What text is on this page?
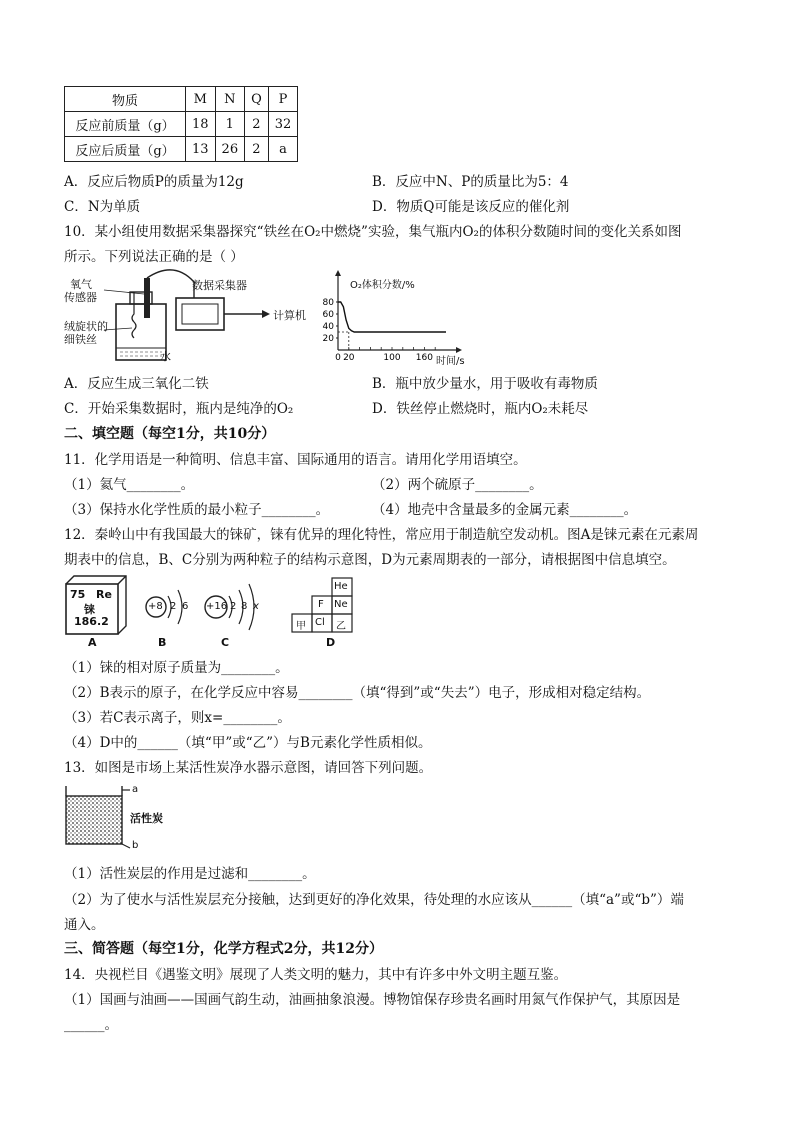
物质	M	N	Q	P
反应前质量（g）	18	1	2	32
反应后质量（g）	13	26	2	a
A．反应后物质P的质量为12g	B．反应中N、P的质量比为5：4
C．N为单质	D．物质Q可能是该反应的催化剂
10．某小组使用数据采集器探究“铁丝在O₂中燃烧”实验，集气瓶内O₂的体积分数随时间的变化关系如图
所示。下列说法正确的是（ ）
氧气
传感器
绒旋状的
细铁丝
水
数据采集器
计算机
20
40
60
80
0 20	100 160
O₂体积分数/%
时间/s
A．反应生成三氧化二铁	B．瓶中放少量水，用于吸收有毒物质
C．开始采集数据时，瓶内是纯净的O₂	D．铁丝停止燃烧时，瓶内O₂未耗尽
二、填空题（每空1分，共10分）
11．化学用语是一种简明、信息丰富、国际通用的语言。请用化学用语填空。
（1）氦气________。	（2）两个硫原子________。
（3）保持水化学性质的最小粒子________。	（4）地壳中含量最多的金属元素________。
12．秦岭山中有我国最大的铼矿，铼有优异的理化特性，常应用于制造航空发动机。图A是铼元素在元素周
期表中的信息，B、C分别为两种粒子的结构示意图，D为元素周期表的一部分，请根据图中信息填空。
75 Re
铼
186.2
A
+8 2 6
B
+16 2 8 x
C
He
F Ne
甲 Cl 乙
D
（1）铼的相对原子质量为________。
（2）B表示的原子，在化学反应中容易________（填“得到”或“失去”）电子，形成相对稳定结构。
（3）若C表示离子，则x=________。
（4）D中的______（填“甲”或“乙”）与B元素化学性质相似。
13．如图是市场上某活性炭净水器示意图，请回答下列问题。
a
活性炭
b
（1）活性炭层的作用是过滤和________。
（2）为了使水与活性炭层充分接触，达到更好的净化效果，待处理的水应该从______（填“a”或“b”）端
通入。
三、简答题（每空1分，化学方程式2分，共12分）
14．央视栏目《遇鉴文明》展现了人类文明的魅力，其中有许多中外文明主题互鉴。
（1）国画与油画——国画气韵生动，油画抽象浪漫。博物馆保存珍贵名画时用氮气作保护气，其原因是
______。
